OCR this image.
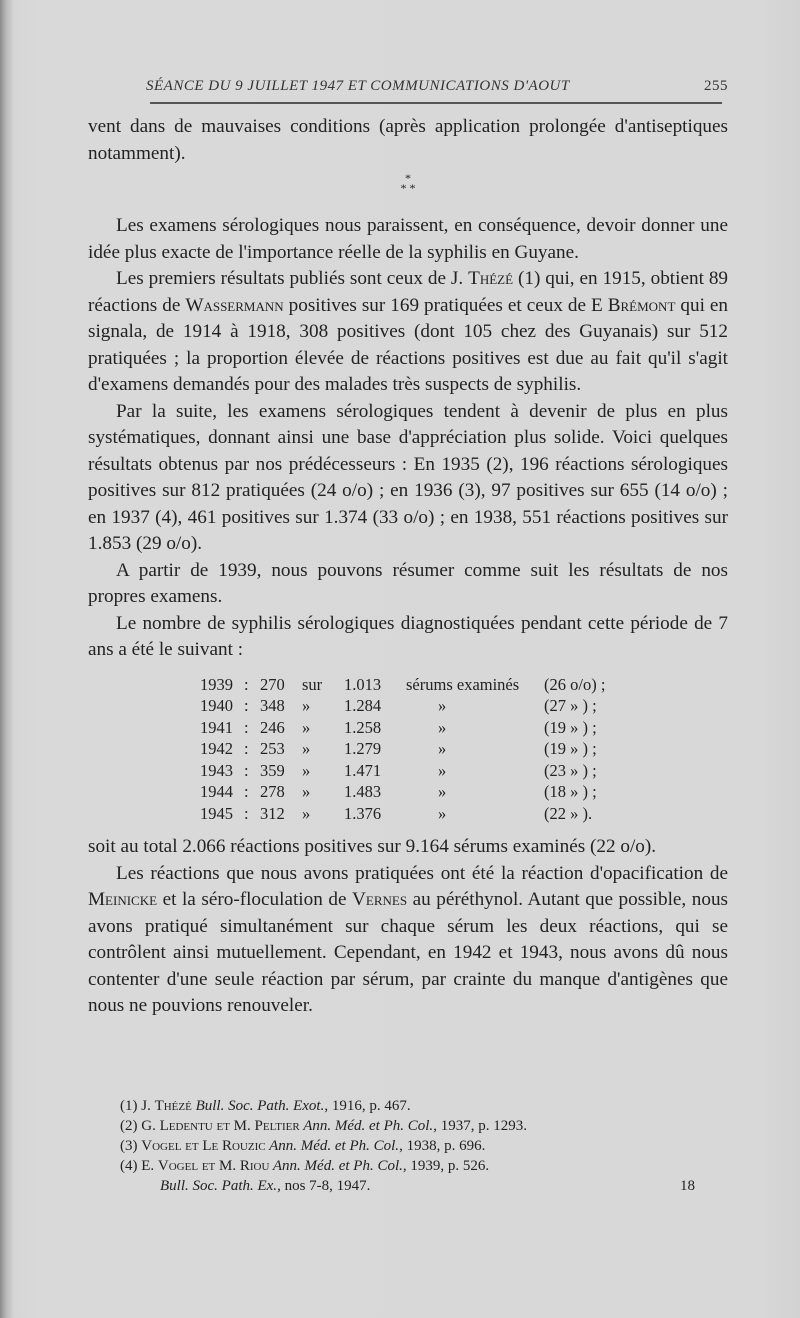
SÉANCE DU 9 JUILLET 1947 ET COMMUNICATIONS D'AOUT	255

vent dans de mauvaises conditions (après application prolongée d'antiseptiques notamment).

*
* *

Les examens sérologiques nous paraissent, en conséquence, devoir donner une idée plus exacte de l'importance réelle de la syphilis en Guyane.

Les premiers résultats publiés sont ceux de J. Thézé (1) qui, en 1915, obtient 89 réactions de Wassermann positives sur 169 pratiquées et ceux de E Brémont qui en signala, de 1914 à 1918, 308 positives (dont 105 chez des Guyanais) sur 512 pratiquées ; la proportion élevée de réactions positives est due au fait qu'il s'agit d'examens demandés pour des malades très suspects de syphilis.

Par la suite, les examens sérologiques tendent à devenir de plus en plus systématiques, donnant ainsi une base d'appréciation plus solide. Voici quelques résultats obtenus par nos prédécesseurs : En 1935 (2), 196 réactions sérologiques positives sur 812 pratiquées (24 o/o) ; en 1936 (3), 97 positives sur 655 (14 o/o) ; en 1937 (4), 461 positives sur 1.374 (33 o/o) ; en 1938, 551 réactions positives sur 1.853 (29 o/o).

A partir de 1939, nous pouvons résumer comme suit les résultats de nos propres examens.

Le nombre de syphilis sérologiques diagnostiquées pendant cette période de 7 ans a été le suivant :

1939 : 270 sur 1.013 sérums examinés (26 o/o) ;
1940 : 348 » 1.284	»	(27 » ) ;
1941 : 246 » 1.258	»	(19 » ) ;
1942 : 253 » 1.279	»	(19 » ) ;
1943 : 359 » 1.471	»	(23 » ) ;
1944 : 278 » 1.483	»	(18 » ) ;
1945 : 312 » 1.376	»	(22 » ).

soit au total 2.066 réactions positives sur 9.164 sérums examinés (22 o/o).

Les réactions que nous avons pratiquées ont été la réaction d'opacification de Meinicke et la séro-floculation de Vernes au péréthynol. Autant que possible, nous avons pratiqué simultanément sur chaque sérum les deux réactions, qui se contrôlent ainsi mutuellement. Cependant, en 1942 et 1943, nous avons dû nous contenter d'une seule réaction par sérum, par crainte du manque d'antigènes que nous ne pouvions renouveler.

(1) J. Thézé Bull. Soc. Path. Exot., 1916, p. 467.
(2) G. Ledentu et M. Peltier Ann. Méd. et Ph. Col., 1937, p. 1293.
(3) Vogel et Le Rouzic Ann. Méd. et Ph. Col., 1938, p. 696.
(4) E. Vogel et M. Riou Ann. Méd. et Ph. Col., 1939, p. 526.
Bull. Soc. Path. Ex., nos 7-8, 1947.	18
